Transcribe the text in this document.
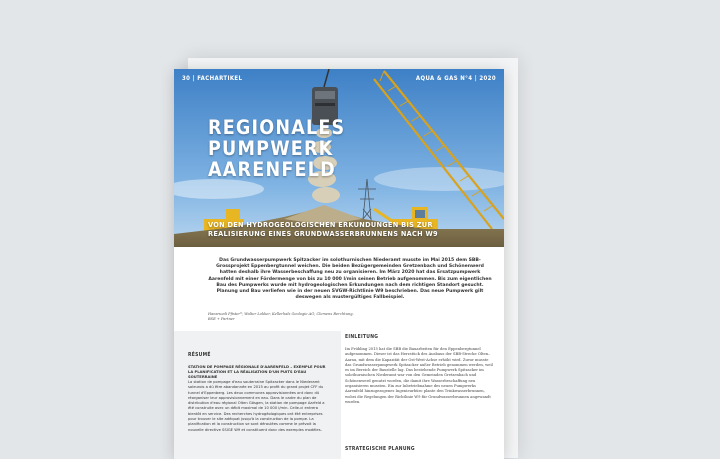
30 | FACHARTIKEL	AQUA & GAS N°4 | 2020
REGIONALES PUMPWERK
AARENFELD
VON DEN HYDROGEOLOGISCHEN ERKUNDUNGEN BIS ZUR
REALISIERUNG EINES GRUNDWASSERBRUNNENS NACH W9
Das Grundwasserpumpwerk Spitzacker im solothurnischen Niederamt musste im Mai 2015 dem SBB-Grossprojekt Eppenbergtunnel weichen. Die beiden Bezügergemeinden Gretzenbach und Schönenwerd hatten deshalb ihre Wasserbeschaffung neu zu organisieren. Im März 2020 hat das Ersatzpumpwerk Aarenfeld mit einer Fördermenge von bis zu 10 000 l/min seinen Betrieb aufgenommen. Bis zum eigentlichen Bau des Pumpwerks wurde mit hydrogeologischen Erkundungen nach dem richtigen Standort gesucht. Planung und Bau verliefen wie in der neuen SVGW-Richtlinie W9 beschrieben. Das neue Pumpwerk gilt deswegen als mustergültiges Fallbeispiel.
Hansruedi Pfister*; Walter Lokker, Kellerhals Geologie AG; Clemens Berchtung, BSE + Partner
RÉSUMÉ
STATION DE POMPAGE RÉGIONALE D'AARENFELD – EXEMPLE POUR LA PLANIFICATION ET LA RÉALISATION D'UN PUITS D'EAU SOUTERRAINE
La station de pompage d'eau souterraine Spitzacker dans le Niederamt soleurois a dû être abandonnée en 2015 au profit du grand projet CFF du tunnel d'Eppenberg. Les deux communes approvisionnées ont donc dû réorganiser leur approvisionnement en eau. Dans le cadre du plan de distribution d'eau régional Olten Gösgen, la station de pompage Aarfeld a été construite avec un débit maximal de 10 000 l/min. Celle-ci entrera bientôt en service. Des recherches hydrogéologiques ont été entreprises pour trouver le site adéquat jusqu'à la construction de la pompe. La planification et la construction se sont déroulées comme le prévoit la nouvelle directive SSIGE W9 et constituent donc des exemples modèles.
EINLEITUNG
Im Frühling 2015 hat die SBB die Bauarbeiten für den Eppenbergtunnel aufgenommen. Dieser ist das Herzstück des Ausbaus der SBB-Strecke Olten–Aarau, mit dem die Kapazität der Ost-West-Achse erhöht wird. Zuvor musste das Grundwasserpumpwerk Spitzacker außer Betrieb genommen werden, weil es im Bereich der Baustelle lag. Das bestehende Pumpwerk Spitzacker im solothurnischen Niederamt war von den Gemeinden Gretzenbach und Schönenwerd genutzt worden, die damit ihre Wasserbeschaffung neu organisieren mussten. Ein zur Inbetriebnahme des neuen Pumpwerks Aarenfeld hinzugezogenes Ingenieurbüro plante den Trinkwasserbrunnen, wobei die Regelungen der Richtlinie W9 für Grundwasserbrunnen angewandt wurden.
STRATEGISCHE PLANUNG
